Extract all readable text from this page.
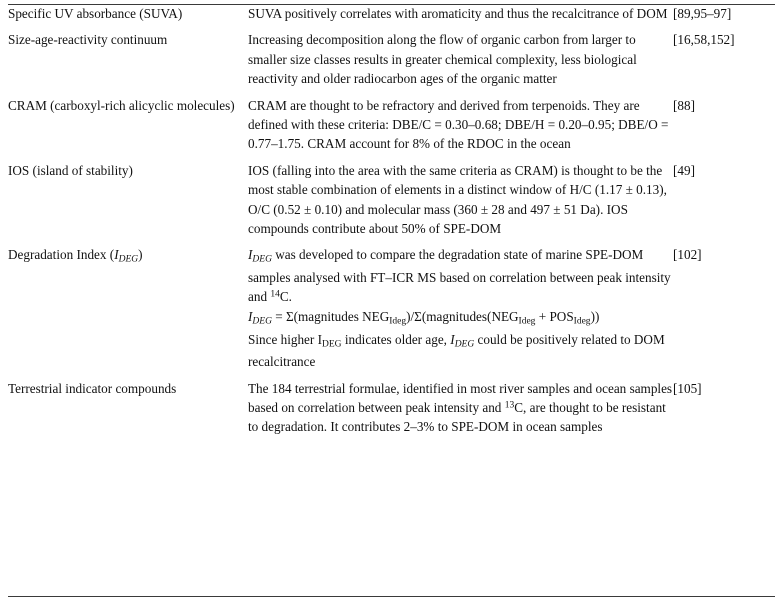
Specific UV absorbance (SUVA)	SUVA positively correlates with aromaticity and thus the recalcitrance of DOM	[89,95–97]

Size-age-reactivity continuum	Increasing decomposition along the flow of organic carbon from larger to smaller size classes results in greater chemical complexity, less biological reactivity and older radiocarbon ages of the organic matter	[16,58,152]

CRAM (carboxyl-rich alicyclic molecules)	CRAM are thought to be refractory and derived from terpenoids. They are defined with these criteria: DBE/C = 0.30–0.68; DBE/H = 0.20–0.95; DBE/O = 0.77–1.75. CRAM account for 8% of the RDOC in the ocean	[88]

IOS (island of stability)	IOS (falling into the area with the same criteria as CRAM) is thought to be the most stable combination of elements in a distinct window of H/C (1.17 ± 0.13), O/C (0.52 ± 0.10) and molecular mass (360 ± 28 and 497 ± 51 Da). IOS compounds contribute about 50% of SPE-DOM	[49]

Degradation Index $(I_{DEG})$	$I_{DEG}$ was developed to compare the degradation state of marine SPE-DOM samples analysed with FT–ICR MS based on correlation between peak intensity and $^{14}$C.
$I_{DEG}$ = Σ(magnitudes $NEG_{Ideg})/\Sigma(magnitudes(NEG_{Ideg} + POS_{Ideg}))$
Since higher $I_{DEG}$ indicates older age, $I_{DEG}$ could be positively related to DOM recalcitrance	[102]

Terrestrial indicator compounds	The 184 terrestrial formulae, identified in most river samples and ocean samples based on correlation between peak intensity and $^{13}$C, are thought to be resistant to degradation. It contributes 2–3% to SPE-DOM in ocean samples	[105]
